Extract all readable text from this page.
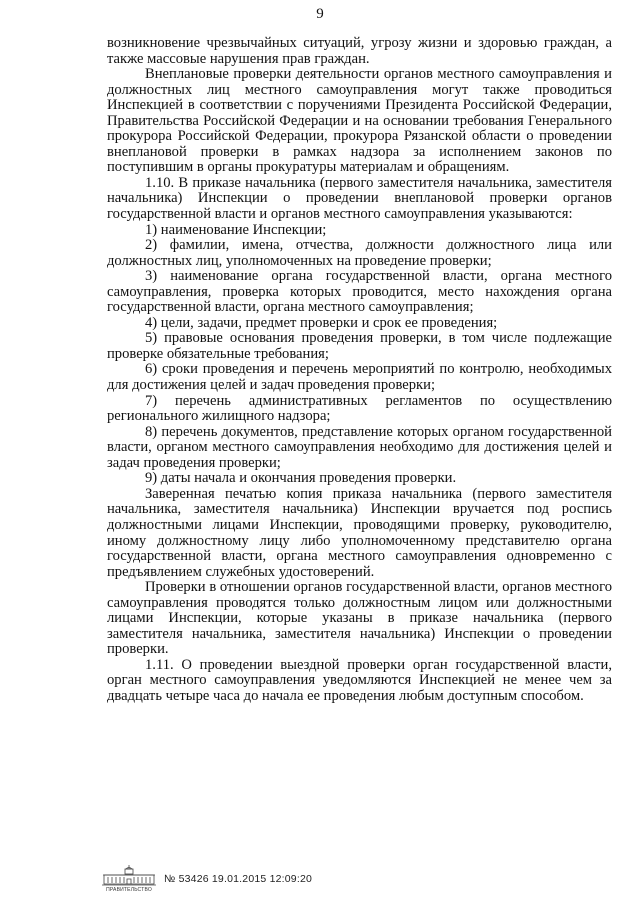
9

возникновение чрезвычайных ситуаций, угрозу жизни и здоровью граждан, а также массовые нарушения прав граждан.

Внеплановые проверки деятельности органов местного самоуправления и должностных лиц местного самоуправления могут также проводиться Инспекцией в соответствии с поручениями Президента Российской Федерации, Правительства Российской Федерации и на основании требования Генерального прокурора Российской Федерации, прокурора Рязанской области о проведении внеплановой проверки в рамках надзора за исполнением законов по поступившим в органы прокуратуры материалам и обращениям.

1.10. В приказе начальника (первого заместителя начальника, заместителя начальника) Инспекции о проведении внеплановой проверки органов государственной власти и органов местного самоуправления указываются:

1) наименование Инспекции;

2) фамилии, имена, отчества, должности должностного лица или должностных лиц, уполномоченных на проведение проверки;

3) наименование органа государственной власти, органа местного самоуправления, проверка которых проводится, место нахождения органа государственной власти, органа местного самоуправления;

4) цели, задачи, предмет проверки и срок ее проведения;

5) правовые основания проведения проверки, в том числе подлежащие проверке обязательные требования;

6) сроки проведения и перечень мероприятий по контролю, необходимых для достижения целей и задач проведения проверки;

7) перечень административных регламентов по осуществлению регионального жилищного надзора;

8) перечень документов, представление которых органом государственной власти, органом местного самоуправления необходимо для достижения целей и задач проведения проверки;

9) даты начала и окончания проведения проверки.

Заверенная печатью копия приказа начальника (первого заместителя начальника, заместителя начальника) Инспекции вручается под роспись должностными лицами Инспекции, проводящими проверку, руководителю, иному должностному лицу либо уполномоченному представителю органа государственной власти, органа местного самоуправления одновременно с предъявлением служебных удостоверений.

Проверки в отношении органов государственной власти, органов местного самоуправления проводятся только должностным лицом или должностными лицами Инспекции, которые указаны в приказе начальника (первого заместителя начальника, заместителя начальника) Инспекции о проведении проверки.

1.11. О проведении выездной проверки орган государственной власти, орган местного самоуправления уведомляются Инспекцией не менее чем за двадцать четыре часа до начала ее проведения любым доступным способом.

ПРАВИТЕЛЬСТВО
№ 53426 19.01.2015 12:09:20
